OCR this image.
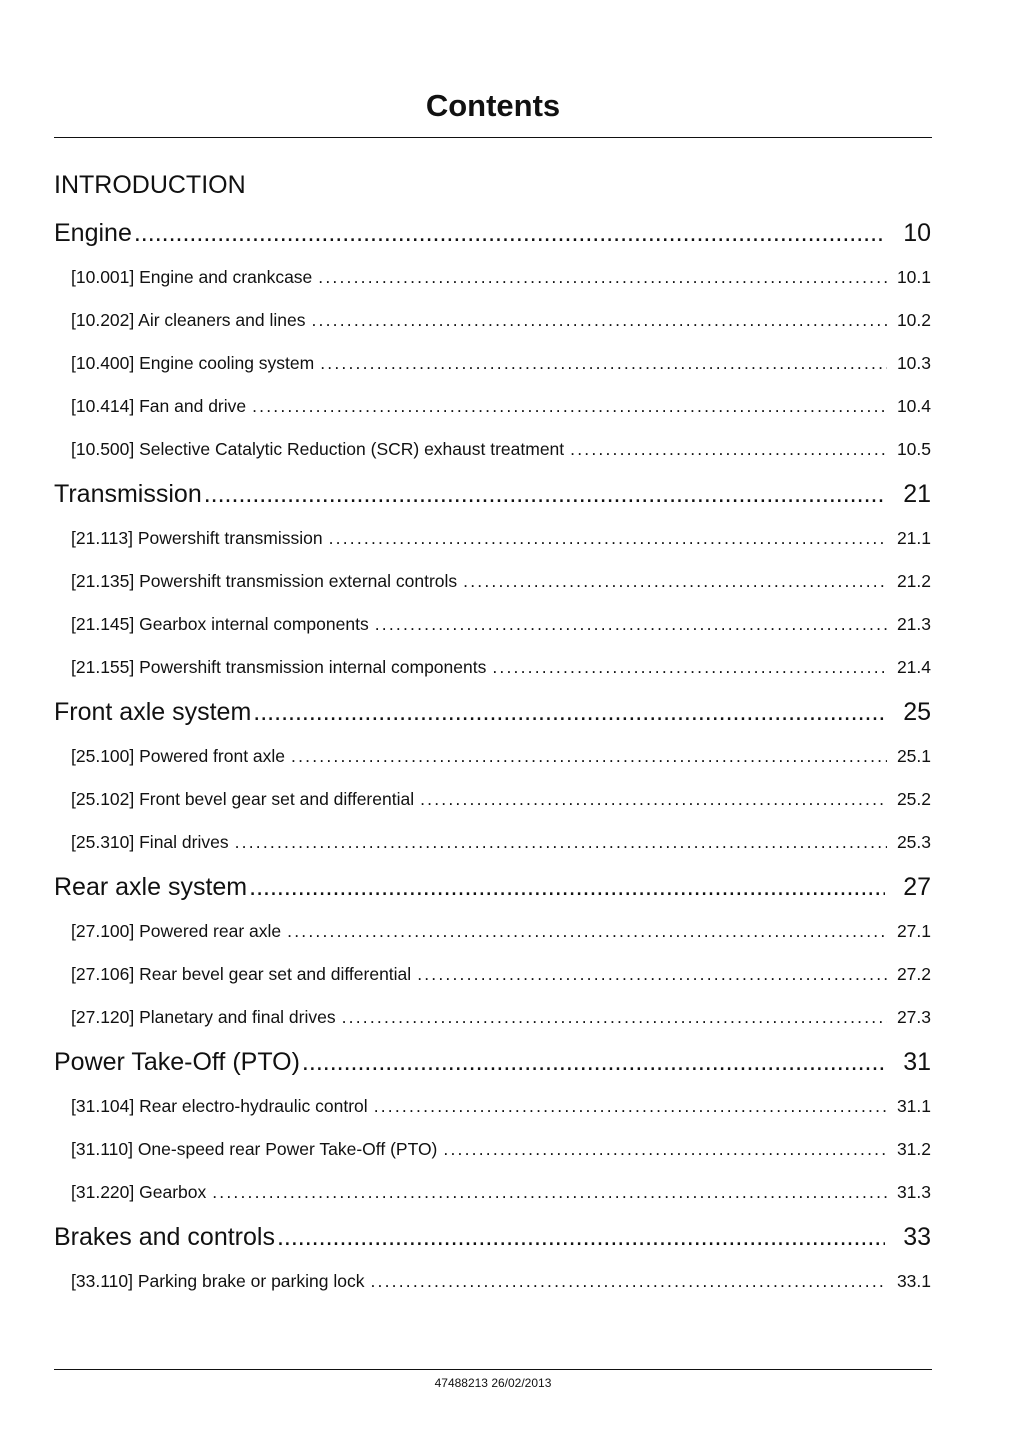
Contents
INTRODUCTION
Engine .....	10
[10.001] Engine and crankcase .....	10.1
[10.202] Air cleaners and lines .....	10.2
[10.400] Engine cooling system .....	10.3
[10.414] Fan and drive .....	10.4
[10.500] Selective Catalytic Reduction (SCR) exhaust treatment .....	10.5
Transmission .....	21
[21.113] Powershift transmission .....	21.1
[21.135] Powershift transmission external controls .....	21.2
[21.145] Gearbox internal components .....	21.3
[21.155] Powershift transmission internal components .....	21.4
Front axle system .....	25
[25.100] Powered front axle .....	25.1
[25.102] Front bevel gear set and differential .....	25.2
[25.310] Final drives .....	25.3
Rear axle system .....	27
[27.100] Powered rear axle .....	27.1
[27.106] Rear bevel gear set and differential .....	27.2
[27.120] Planetary and final drives .....	27.3
Power Take-Off (PTO) .....	31
[31.104] Rear electro-hydraulic control .....	31.1
[31.110] One-speed rear Power Take-Off (PTO) .....	31.2
[31.220] Gearbox .....	31.3
Brakes and controls .....	33
[33.110] Parking brake or parking lock .....	33.1
47488213 26/02/2013
